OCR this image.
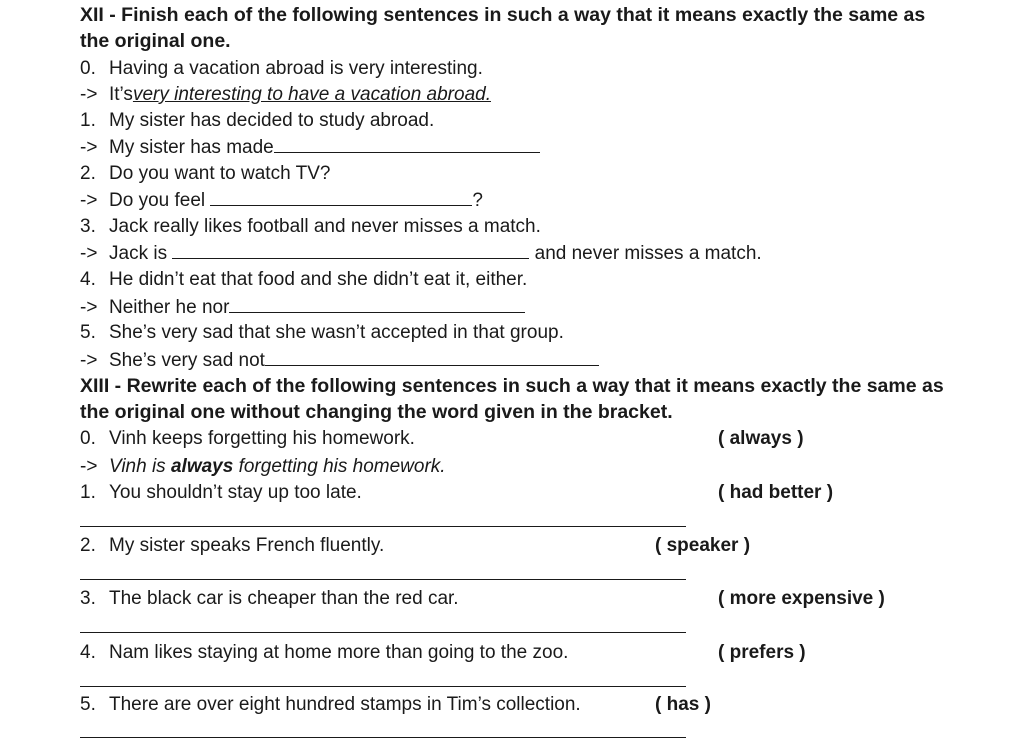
XII - Finish each of the following sentences in such a way that it means exactly the same as
the original one.
0. Having a vacation abroad is very interesting.
-> It’svery interesting to have a vacation abroad.
1. My sister has decided to study abroad.
-> My sister has made
2. Do you want to watch TV?
-> Do you feel	?
3. Jack really likes football and never misses a match.
-> Jack is	and never misses a match.
4. He didn’t eat that food and she didn’t eat it, either.
-> Neither he nor
5. She’s very sad that she wasn’t accepted in that group.
-> She’s very sad not
XIII - Rewrite each of the following sentences in such a way that it means exactly the same as
the original one without changing the word given in the bracket.
0. Vinh keeps forgetting his homework.	( always )
-> Vinh is always forgetting his homework.
1. You shouldn’t stay up too late.	( had better )
2. My sister speaks French fluently.	( speaker )
3. The black car is cheaper than the red car.	( more expensive )
4. Nam likes staying at home more than going to the zoo.	( prefers )
5. There are over eight hundred stamps in Tim’s collection.	( has )
